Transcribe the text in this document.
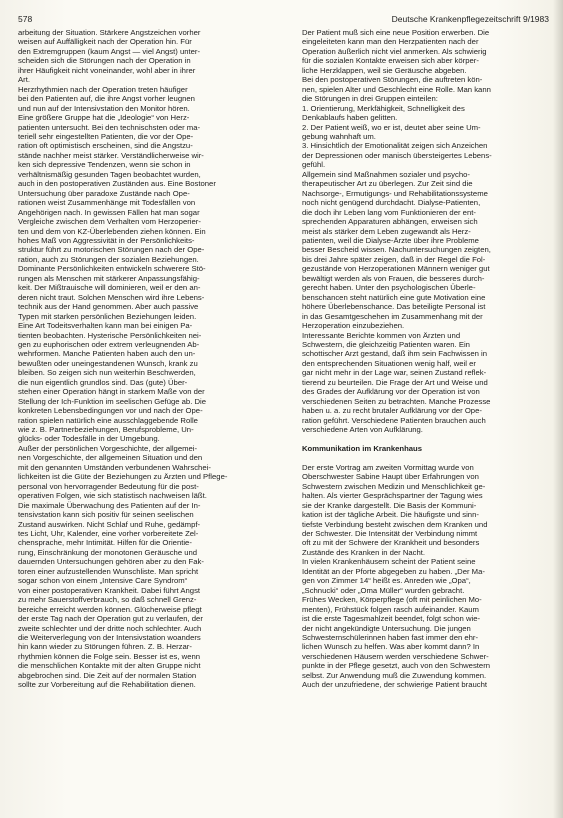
578	Deutsche Krankenpflegezeitschrift 9/1983
arbeitung der Situation. Stärkere Angstzeichen vorher
weisen auf Auffälligkeit nach der Operation hin. Für
den Extremgruppen (kaum Angst — viel Angst) unter-
scheiden sich die Störungen nach der Operation in
ihrer Häufigkeit nicht voneinander, wohl aber in ihrer
Art.
Herzrhythmien nach der Operation treten häufiger
bei den Patienten auf, die ihre Angst vorher leugnen
und nun auf der Intensivstation den Monitor hören.
Eine größere Gruppe hat die „Ideologie“ von Herz-
patienten untersucht. Bei den technischsten oder ma-
teriell sehr eingestellten Patienten, die vor der Ope-
ration oft optimistisch erscheinen, sind die Angstzu-
stände nachher meist stärker. Verständlicherweise wir-
ken sich depressive Tendenzen, wenn sie schon in
verhältnismäßig gesunden Tagen beobachtet wurden,
auch in den postoperativen Zuständen aus. Eine Bostoner
Untersuchung über paradoxe Zustände nach Ope-
rationen weist Zusammenhänge mit Todesfällen von
Angehörigen nach. In gewissen Fällen hat man sogar
Vergleiche zwischen dem Verhalten vom Herzoperier-
ten und dem von KZ-Überlebenden ziehen können. Ein
hohes Maß von Aggressivität in der Persönlichkeits-
struktur führt zu motorischen Störungen nach der Ope-
ration, auch zu Störungen der sozialen Beziehungen.
Dominante Persönlichkeiten entwickeln schwerere Stö-
rungen als Menschen mit stärkerer Anpassungsfähig-
keit. Der Mißtrauische will dominieren, weil er den an-
deren nicht traut. Solchen Menschen wird ihre Lebens-
technik aus der Hand genommen. Aber auch passive
Typen mit starken persönlichen Beziehungen leiden.
Eine Art Todeitsverhalten kann man bei einigen Pa-
tienten beobachten. Hysterische Persönlichkeiten nei-
gen zu euphorischen oder extrem verleugnenden Ab-
wehrformen. Manche Patienten haben auch den un-
bewußten oder uneingestandenen Wunsch, krank zu
bleiben. So zeigen sich nun weiterhin Beschwerden,
die nun eigentlich grundlos sind. Das (gute) Über-
stehen einer Operation hängt in starkem Maße von der
Stellung der Ich-Funktion im seelischen Gefüge ab. Die
konkreten Lebensbedingungen vor und nach der Ope-
ration spielen natürlich eine ausschlaggebende Rolle
wie z. B. Partnerbeziehungen, Berufsprobleme, Un-
glücks- oder Todesfälle in der Umgebung.
Außer der persönlichen Vorgeschichte, der allgemei-
nen Vorgeschichte, der allgemeinen Situation und den
mit den genannten Umständen verbundenen Wahrschei-
lichkeiten ist die Güte der Beziehungen zu Ärzten und Pflege-
personal von hervorragender Bedeutung für die post-
operativen Folgen, wie sich statistisch nachweisen läßt.
Die maximale Überwachung des Patienten auf der In-
tensivstation kann sich positiv für seinen seelischen
Zustand auswirken. Nicht Schlaf und Ruhe, gedämpf-
tes Licht, Uhr, Kalender, eine vorher vorbereitete Zel-
chensprache, mehr Intimität. Hilfen für die Orientie-
rung, Einschränkung der monotonen Geräusche und
dauernden Untersuchungen gehören aber zu den Fak-
toren einer aufzustellenden Wunschliste. Man spricht
sogar schon von einem „Intensive Care Syndrom“
von einer postoperativen Krankheit. Dabei führt Angst
zu mehr Sauerstoffverbrauch, so daß schnell Grenz-
bereiche erreicht werden können. Glücherweise pflegt
der erste Tag nach der Operation gut zu verlaufen, der
zweite schlechter und der dritte noch schlechter. Auch
die Weiterverlegung von der Intensivstation woanders
hin kann wieder zu Störungen führen. Z. B. Herzar-
rhythmien können die Folge sein. Besser ist es, wenn
die menschlichen Kontakte mit der alten Gruppe nicht
abgebrochen sind. Die Zeit auf der normalen Station
sollte zur Vorbereitung auf die Rehabilitation dienen.
Der Patient muß sich eine neue Position erwerben. Die
eingeleiteten kann man den Herzpatienten nach der
Operation äußerlich nicht viel anmerken. Als schwierig
für die sozialen Kontakte erweisen sich aber körper-
liche Herzklappen, weil sie Geräusche abgeben.
Bei den postoperativen Störungen, die auftreten kön-
nen, spielen Alter und Geschlecht eine Rolle. Man kann
die Störungen in drei Gruppen einteilen:
1. Orientierung, Merkfähigkeit, Schnelligkeit des
Denkablaufs haben gelitten.
2. Der Patient weiß, wo er ist, deutet aber seine Um-
gebung wahnhaft um.
3. Hinsichtlich der Emotionalität zeigen sich Anzeichen
der Depressionen oder manisch übersteigertes Lebens-
gefühl.
Allgemein sind Maßnahmen sozialer und psycho-
therapeutischer Art zu überlegen. Zur Zeit sind die
Nachsorge-, Ermutigungs- und Rehabilitationssysteme
noch nicht genügend durchdacht. Dialyse-Patienten,
die doch ihr Leben lang vom Funktionieren der ent-
sprechenden Apparaturen abhängen, erweisen sich
meist als stärker dem Leben zugewandt als Herz-
patienten, weil die Dialyse-Ärzte über ihre Probleme
besser Bescheid wissen. Nachuntersuchungen zeigten,
bis drei Jahre später zeigen, daß in der Regel die Fol-
gezustände von Herzoperationen Männern weniger gut
bewältigt werden als von Frauen, die besseres durch-
gerecht haben. Unter den psychologischen Überle-
benschancen steht natürlich eine gute Motivation eine
höhere Überlebenschance. Das beteiligte Personal ist
in das Gesamtgeschehen im Zusammenhang mit der
Herzoperation einzubeziehen.
Interessante Berichte kommen von Ärzten und
Schwestern, die gleichzeitig Patienten waren. Ein
schottischer Arzt gestand, daß ihm sein Fachwissen in
den entsprechenden Situationen wenig half, weil er
gar nicht mehr in der Lage war, seinen Zustand reflek-
tierend zu beurteilen. Die Frage der Art und Weise und
des Grades der Aufklärung vor der Operation ist von
verschiedenen Seiten zu betrachten. Manche Prozesse
haben u. a. zu recht brutaler Aufklärung vor der Ope-
ration geführt. Verschiedene Patienten brauchen auch
verschiedene Arten von Aufklärung.
Kommunikation im Krankenhaus
Der erste Vortrag am zweiten Vormittag wurde von
Oberschwester Sabine Haupt über Erfahrungen von
Schwestern zwischen Medizin und Menschlichkeit ge-
halten. Als vierter Gesprächspartner der Tagung wies
sie der Kranke dargestellt. Die Basis der Kommuni-
kation ist der tägliche Arbeit. Die häufigste und sinn-
tiefste Verbindung besteht zwischen dem Kranken und
der Schwester. Die Intensität der Verbindung nimmt
oft zu mit der Schwere der Krankheit und besonders
Zustände des Kranken in der Nacht.
In vielen Krankenhäusern scheint der Patient seine
Identität an der Pforte abgegeben zu haben. „Der Ma-
gen von Zimmer 14“ heißt es. Anreden wie „Opa“,
„Schnucki“ oder „Oma Müller“ wurden gebracht.
Frühes Wecken, Körperpflege (oft mit peinlichen Mo-
menten), Frühstück folgen rasch aufeinander. Kaum
ist die erste Tagesmahlzeit beendet, folgt schon wie-
der nicht angekündigte Untersuchung. Die jungen
Schwesternschülerinnen haben fast immer den ehr-
lichen Wunsch zu helfen. Was aber kommt dann? In
verschiedenen Häusern werden verschiedene Schwer-
punkte in der Pflege gesetzt, auch von den Schwestern
selbst. Zur Anwendung muß die Zuwendung kommen.
Auch der unzufriedene, der schwierige Patient braucht
